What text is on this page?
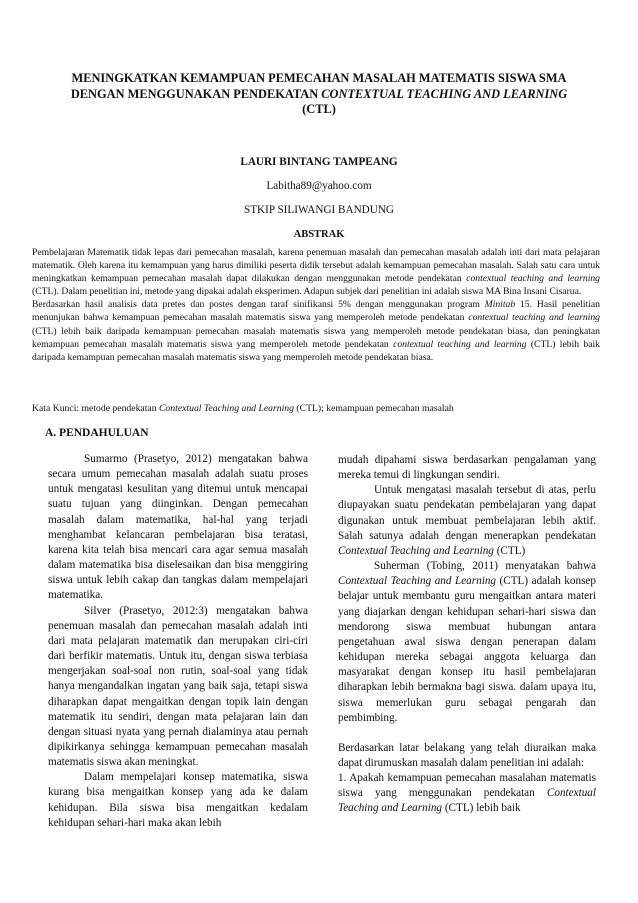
MENINGKATKAN KEMAMPUAN PEMECAHAN MASALAH MATEMATIS SISWA SMA
DENGAN MENGGUNAKAN PENDEKATAN CONTEXTUAL TEACHING AND LEARNING
(CTL)
LAURI BINTANG TAMPEANG
Labitha89@yahoo.com
STKIP SILIWANGI BANDUNG
ABSTRAK

Pembelajaran Matematik tidak lepas dari pemecahan masalah, karena penemuan masalah dan pemecahan masalah adalah inti dari mata pelajaran matematik. Oleh karena itu kemampuan yang harus dimiliki peserta didik tersebut adalah kemampuan pemecahan masalah. Salah satu cara untuk meningkatkan kemampuan pemecahan masalah dapat dilakukan dengan menggunakan metode pendekatan contextual teaching and learning (CTL). Dalam penelitian ini, metode yang dipakai adalah eksperimen. Adapun subjek dari penelitian ini adalah siswa MA Bina Insani Cisarua.

Berdasarkan hasil analisis data pretes dan postes dengan taraf sinifikansi 5% dengan menggunakan program Minitab 15. Hasil penelitian menunjukan bahwa kemampuan pemecahan masalah matematis siswa yang memperoleh metode pendekatan contextual teaching and learning (CTL) lebih baik daripada kemampuan pemecahan masalah matematis siswa yang memperoleh metode pendekatan biasa, dan peningkatan kemampuan pemecahan masalah matematis siswa yang memperoleh metode pendekatan contextual teaching and learning (CTL) lebih baik daripada kemampuan pemecahan masalah matematis siswa yang memperoleh metode pendekatan biasa.

Kata Kunci: metode pendekatan Contextual Teaching and Learning (CTL); kemampuan pemecahan masalah
A. PENDAHULUAN

Sumarmo (Prasetyo, 2012) mengatakan bahwa secara umum pemecahan masalah adalah suatu proses untuk mengatasi kesulitan yang ditemui untuk mencapai suatu tujuan yang diinginkan. Dengan pemecahan masalah dalam matematika, hal-hal yang terjadi menghambat kelancaran pembelajaran bisa teratasi, karena kita telah bisa mencari cara agar semua masalah dalam matematika bisa diselesaikan dan bisa menggiring siswa untuk lebih cakap dan tangkas dalam mempelajari matematika.

Silver (Prasetyo, 2012:3) mengatakan bahwa penemuan masalah dan pemecahan masalah adalah inti dari mata pelajaran matematik dan merupakan ciri-ciri dari berfikir matematis. Untuk itu, dengan siswa terbiasa mengerjakan soal-soal non rutin, soal-soal yang tidak hanya mengandalkan ingatan yang baik saja, tetapi siswa diharapkan dapat mengaitkan dengan topik lain dengan matematik itu sendiri, dengan mata pelajaran lain dan dengan situasi nyata yang pernah dialaminya atau pernah dipikirkanya sehingga kemampuan pemecahan masalah matematis siswa akan meningkat.

Dalam mempelajari konsep matematika, siswa kurang bisa mengaitkan konsep yang ada ke dalam kehidupan. Bila siswa bisa mengaitkan kedalam kehidupan sehari-hari maka akan lebih

mudah dipahami siswa berdasarkan pengalaman yang mereka temui di lingkungan sendiri.

Untuk mengatasi masalah tersebut di atas, perlu diupayakan suatu pendekatan pembelajaran yang dapat digunakan untuk membuat pembelajaran lebih aktif. Salah satunya adalah dengan menerapkan pendekatan Contextual Teaching and Learning (CTL)

Suherman (Tobing, 2011) menyatakan bahwa Contextual Teaching and Learning (CTL) adalah konsep belajar untuk membantu guru mengaitkan antara materi yang diajarkan dengan kehidupan sehari-hari siswa dan mendorong siswa membuat hubungan antara pengetahuan awal siswa dengan penerapan dalam kehidupan mereka sebagai anggota keluarga dan masyarakat dengan konsep itu hasil pembelajaran diharapkan lebih bermakna bagi siswa. dalam upaya itu, siswa memerlukan guru sebagai pengarah dan pembimbing.

Berdasarkan latar belakang yang telah diuraikan maka dapat dirumuskan masalah dalam penelitian ini adalah:

1. Apakah kemampuan pemecahan masalahan matematis siswa yang menggunakan pendekatan Contextual Teaching and Learning (CTL) lebih baik
